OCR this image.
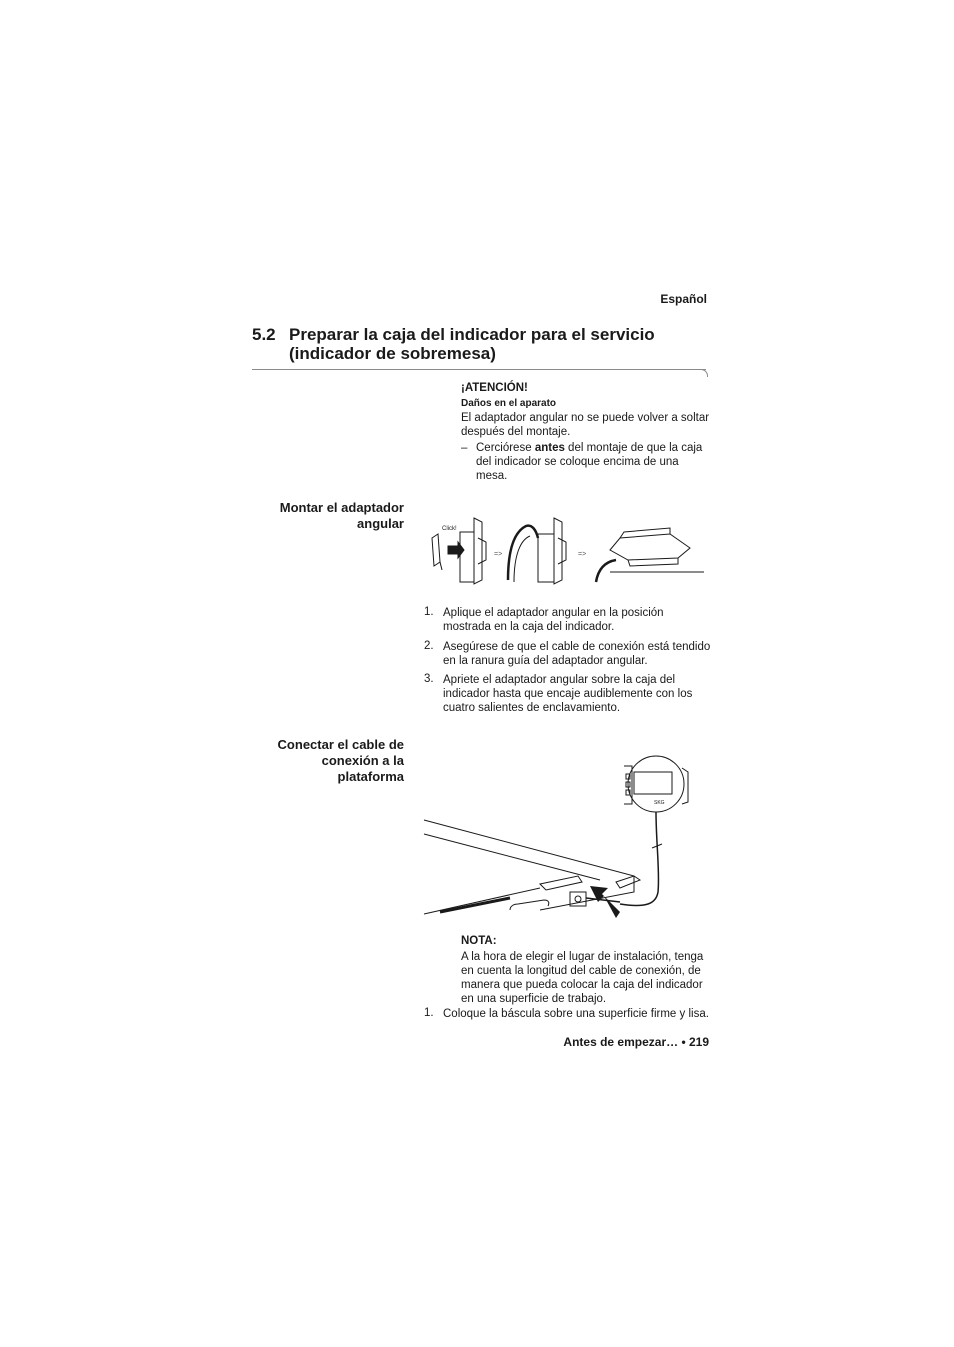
Español
5.2 Preparar la caja del indicador para el servicio (indicador de sobremesa)
¡ATENCIÓN!
Daños en el aparato
El adaptador angular no se puede volver a soltar después del montaje.
– Cerciórese antes del montaje de que la caja del indicador se coloque encima de una mesa.
Montar el adaptador angular	Click!
=>	=>
1. Aplique el adaptador angular en la posición mostrada en la caja del indicador.
2. Asegúrese de que el cable de conexión está tendido en la ranura guía del adaptador angular.
3. Apriete el adaptador angular sobre la caja del indicador hasta que encaje audiblemente con los cuatro salientes de enclavamiento.
Conectar el cable de conexión a la plataforma
SKG
NOTA:
A la hora de elegir el lugar de instalación, tenga en cuenta la longitud del cable de conexión, de manera que pueda colocar la caja del indicador en una superficie de trabajo.
1. Coloque la báscula sobre una superficie firme y lisa.
Antes de empezar… • 219
